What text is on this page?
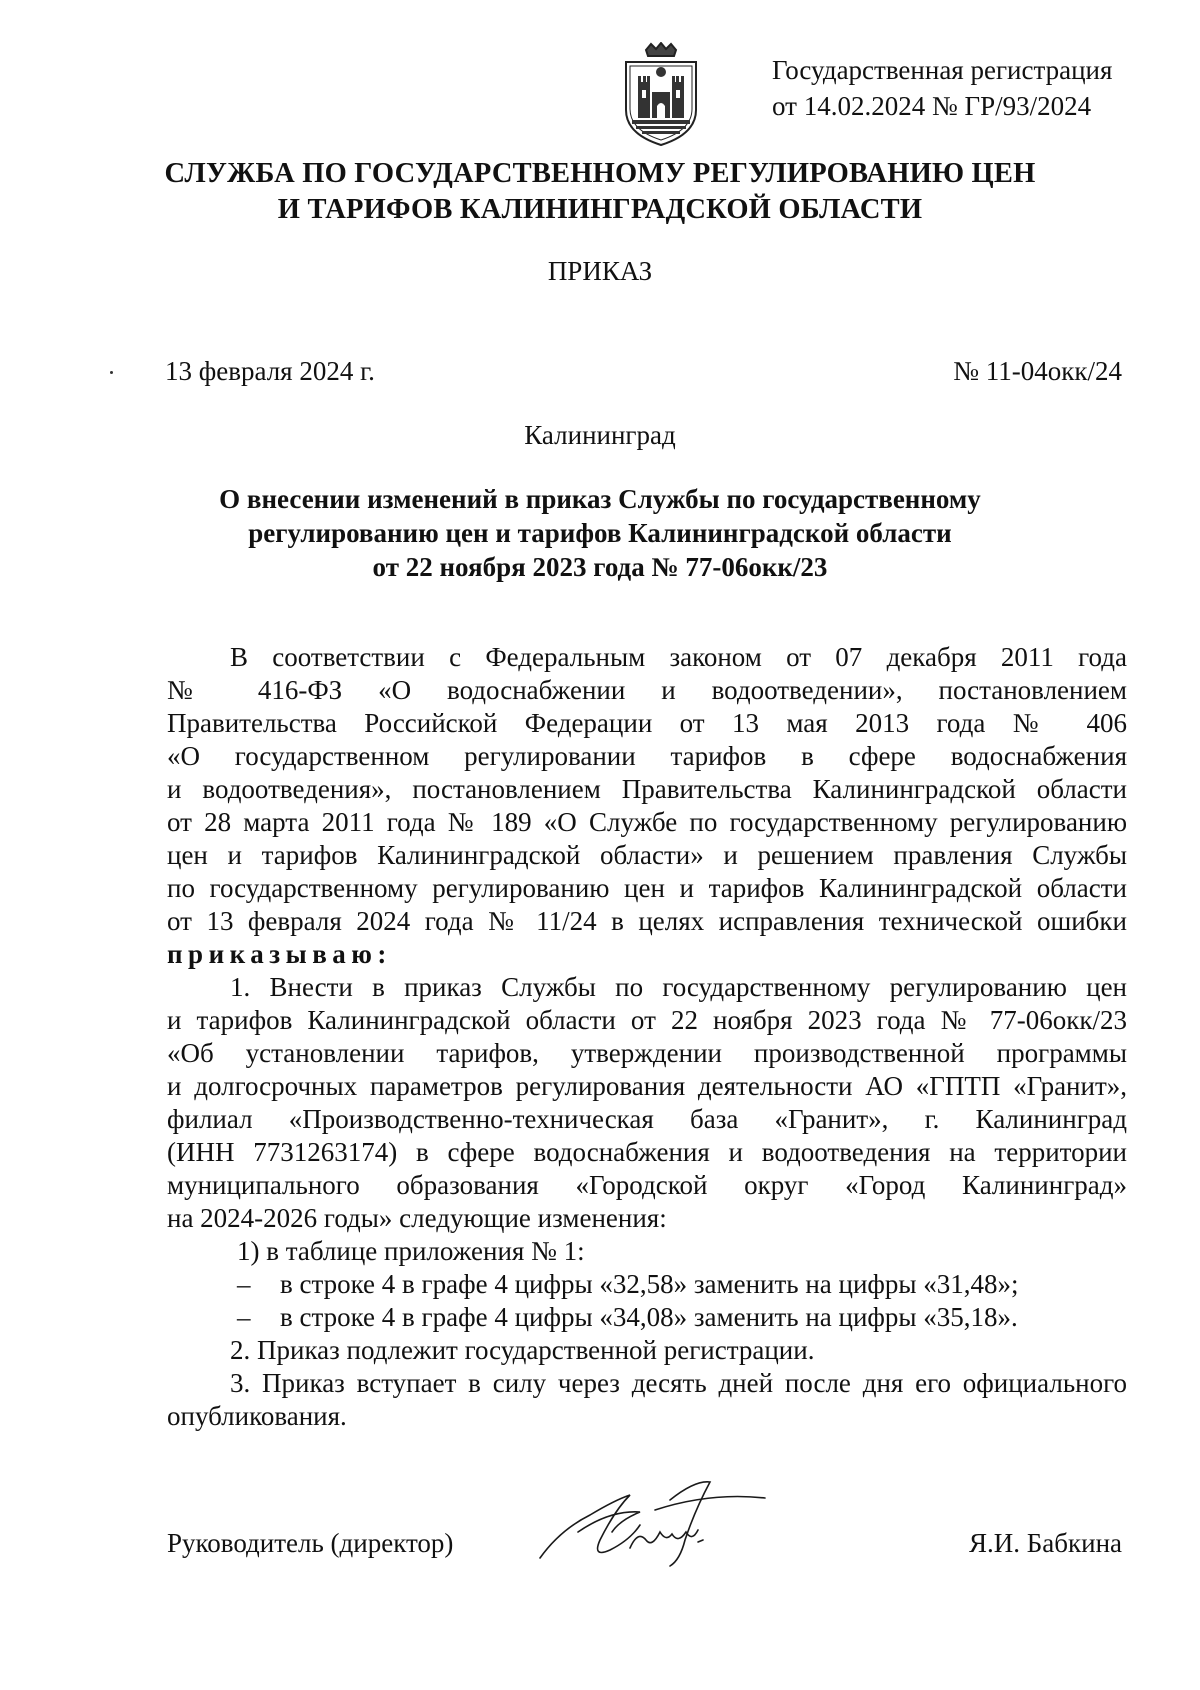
Государственная регистрация
от 14.02.2024 № ГР/93/2024
СЛУЖБА ПО ГОСУДАРСТВЕННОМУ РЕГУЛИРОВАНИЮ ЦЕН
И ТАРИФОВ КАЛИНИНГРАДСКОЙ ОБЛАСТИ
ПРИКАЗ
13 февраля 2024 г.	№ 11-04окк/24
Калининград
О внесении изменений в приказ Службы по государственному
регулированию цен и тарифов Калининградской области
от 22 ноября 2023 года № 77-06окк/23

В соответствии с Федеральным законом от 07 декабря 2011 года

№ 416-ФЗ «О водоснабжении и водоотведении», постановлением

Правительства Российской Федерации от 13 мая 2013 года № 406

«О государственном регулировании тарифов в сфере водоснабжения

и водоотведения», постановлением Правительства Калининградской области

от 28 марта 2011 года № 189 «О Службе по государственному регулированию

цен и тарифов Калининградской области» и решением правления Службы

по государственному регулированию цен и тарифов Калининградской области

от 13 февраля 2024 года № 11/24 в целях исправления технической ошибки

приказываю:

1. Внести в приказ Службы по государственному регулированию цен

и тарифов Калининградской области от 22 ноября 2023 года № 77-06окк/23

«Об установлении тарифов, утверждении производственной программы

и долгосрочных параметров регулирования деятельности АО «ГПТП «Гранит»,

филиал «Производственно-техническая база «Гранит», г. Калининград

(ИНН 7731263174) в сфере водоснабжения и водоотведения на территории

муниципального образования «Городской округ «Город Калининград»

на 2024-2026 годы» следующие изменения:

1) в таблице приложения № 1:

– в строке 4 в графе 4 цифры «32,58» заменить на цифры «31,48»;

– в строке 4 в графе 4 цифры «34,08» заменить на цифры «35,18».

2. Приказ подлежит государственной регистрации.

3. Приказ вступает в силу через десять дней после дня его официального

опубликования.

Руководитель (директор)	Я.И. Бабкина
